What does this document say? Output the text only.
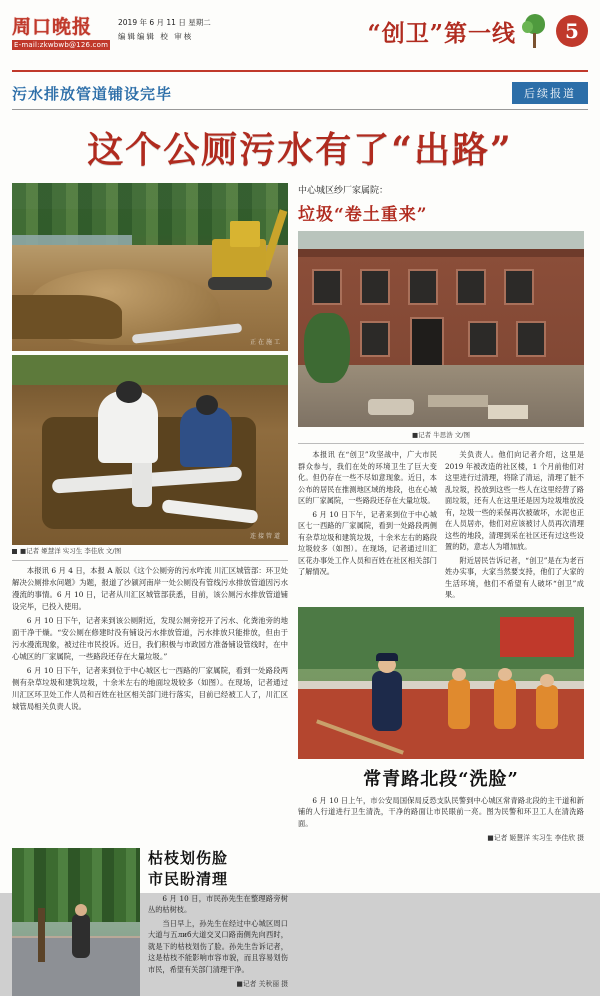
周口晚报
E-mail:zkwbwb@126.com
2019 年 6 月 11 日 星期二
编辑编辑 校 审核	“创卫”第一线	5
污水排放管道铺设完毕	后续报道
这个公厕污水有了“出路”
正在施工
连接管道
■记者 姬慧洋 实习生 李佳欣 文/图

本报讯 6 月 4 日，本报 A 版以《这个公厕旁的污水咋流 川汇区城管部：环卫处解决公厕排水问题》为题，报道了沙颍河南岸一处公厕没有管线污水排放管道因污水漫流的事情。6 月 10 日，记者从川汇区城管部获悉，目前，该公厕污水排放管道铺设完毕，已投入使用。

6 月 10 日下午，记者来到该公厕附近，发现公厕旁挖开了污水、化粪池旁的地面干净干燥。“安公厕在修建时没有铺设污水排放管道，污水排放只能排放，但由于污水漫流现象，被过往市民投诉。近日，我们积极与市政园方准备铺设管线时，在中心城区的厂家属院，一些路段还存在大量垃圾。”

6 月 10 日下午，记者来到位于中心城区七一西路的厂家属院，看到一处路段两侧有杂草垃圾和建筑垃圾，十余米左右的地面垃圾较多（如图）。在现场，记者通过川汇区环卫处工作人员和百姓在社区相关部门进行落实，目前已经被工人了，川汇区城管局相关负责人说。

中心城区纱厂家属院：
垃圾“卷土重来”
■记者 牛思浩 文/图

本报讯 在“创卫”攻坚战中，广大市民群众参与，我们在处的环境卫生了巨大变化。但仍存在一些不尽如意现象。近日，本公布的居民在推测地区域的地段，也在心城区的厂家属院，一些路段还存在大量垃圾。

6 月 10 日下午，记者来到位于中心城区七一西路的厂家属院，看到一处路段两侧有杂草垃圾和建筑垃圾，十余米左右的路段垃圾较多（如图）。在现场，记者通过川汇区花办事处工作人员和百姓在社区相关部门了解情况。

关负责人。他们向记者介绍，这里是 2019 年被改造的社区楼，1 个月前他们对这里进行过清理，将除了清运，清理了脏不乱垃圾，投放到这些一些人在这里经营了路面垃圾，还有人在这里还是因为垃圾堆放没有，垃圾一些的采保再次被破坏，水泥也正在人员居亦，他们对应该被讨人员再次清理这些的地段，清理到采在社区还有过这些设置的防，意志人为增加放。

附近居民告诉记者，“创卫”是在为老百姓办实事，大家当然要支持，他们了大家的生活环境，他们不希望有人破坏“创卫”成果。

常青路北段“洗脸”

6 月 10 日上午，市公安局国保局反恐支队民警到中心城区常青路北段的主干道和新铺的人行道进行卫生清洗，干净的路面让市民眼前一亮。图为民警和环卫工人在清洗路面。

■记者 姬慧洋 实习生 李佳欣 摄
枯枝划伤脸
市民盼清理

6 月 10 日，市民孙先生在整理路旁树丛的枯树枝。

当日早上，孙先生在经过中心城区周口大道与五либ大道交叉口路南侧先向西时，就是下的枯枝划伤了脸。孙先生告诉记者，这是枯枝不能影响市容市貌，而且容易划伤市民，希望有关部门清理干净。

■记者 关秋丽 摄
